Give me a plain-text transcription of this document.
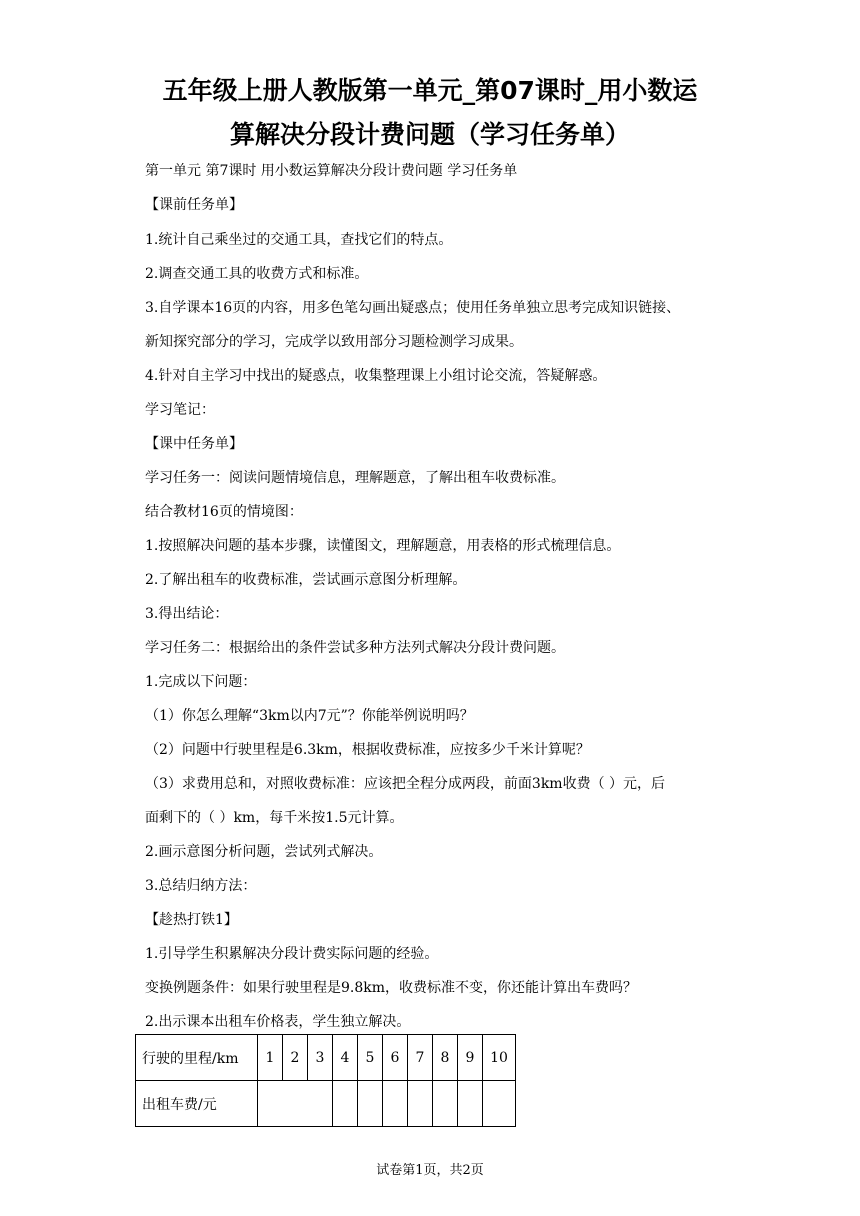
五年级上册人教版第一单元_第07课时_用小数运
算解决分段计费问题（学习任务单）
第一单元 第7课时 用小数运算解决分段计费问题 学习任务单
【课前任务单】
1.统计自己乘坐过的交通工具，查找它们的特点。
2.调查交通工具的收费方式和标准。
3.自学课本16页的内容，用多色笔勾画出疑惑点；使用任务单独立思考完成知识链接、
新知探究部分的学习，完成学以致用部分习题检测学习成果。
4.针对自主学习中找出的疑惑点，收集整理课上小组讨论交流，答疑解惑。
学习笔记：
【课中任务单】
学习任务一：阅读问题情境信息，理解题意，了解出租车收费标准。
结合教材16页的情境图：
1.按照解决问题的基本步骤，读懂图文，理解题意，用表格的形式梳理信息。
2.了解出租车的收费标准，尝试画示意图分析理解。
3.得出结论：
学习任务二：根据给出的条件尝试多种方法列式解决分段计费问题。
1.完成以下问题：
（1）你怎么理解“3km以内7元”？你能举例说明吗？
（2）问题中行驶里程是6.3km，根据收费标准，应按多少千米计算呢？
（3）求费用总和，对照收费标准：应该把全程分成两段，前面3km收费（ ）元，后
面剩下的（ ）km，每千米按1.5元计算。
2.画示意图分析问题，尝试列式解决。
3.总结归纳方法：
【趁热打铁1】
1.引导学生积累解决分段计费实际问题的经验。
变换例题条件：如果行驶里程是9.8km，收费标准不变，你还能计算出车费吗？
2.出示课本出租车价格表，学生独立解决。
行驶的里程/km	1	2	3	4	5	6	7	8	9	10
出租车费/元										
试卷第1页，共2页
